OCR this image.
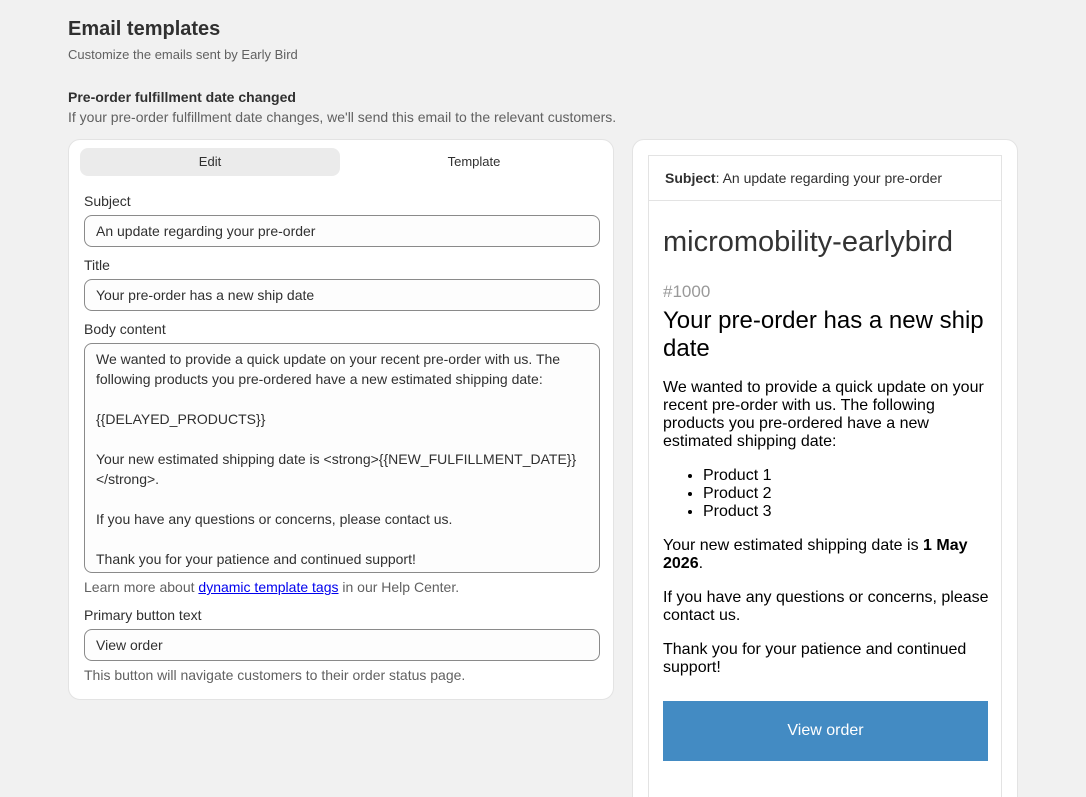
Email templates
Customize the emails sent by Early Bird
Pre-order fulfillment date changed
If your pre-order fulfillment date changes, we'll send this email to the relevant customers.
Edit	Template
Subject
An update regarding your pre-order
Title
Your pre-order has a new ship date
Body content
We wanted to provide a quick update on your recent pre-order with us. The following products you pre-ordered have a new estimated shipping date:

{{DELAYED_PRODUCTS}}

Your new estimated shipping date is <strong>{{NEW_FULFILLMENT_DATE}}</strong>.

If you have any questions or concerns, please contact us.

Thank you for your patience and continued support!
Learn more about dynamic template tags in our Help Center.
Primary button text
View order
This button will navigate customers to their order status page.
Subject: An update regarding your pre-order
micromobility-earlybird
#1000
Your pre-order has a new ship date

We wanted to provide a quick update on your recent pre-order with us. The following products you pre-ordered have a new estimated shipping date:

• Product 1
• Product 2
• Product 3

Your new estimated shipping date is 1 May 2026.

If you have any questions or concerns, please contact us.

Thank you for your patience and continued support!

View order
